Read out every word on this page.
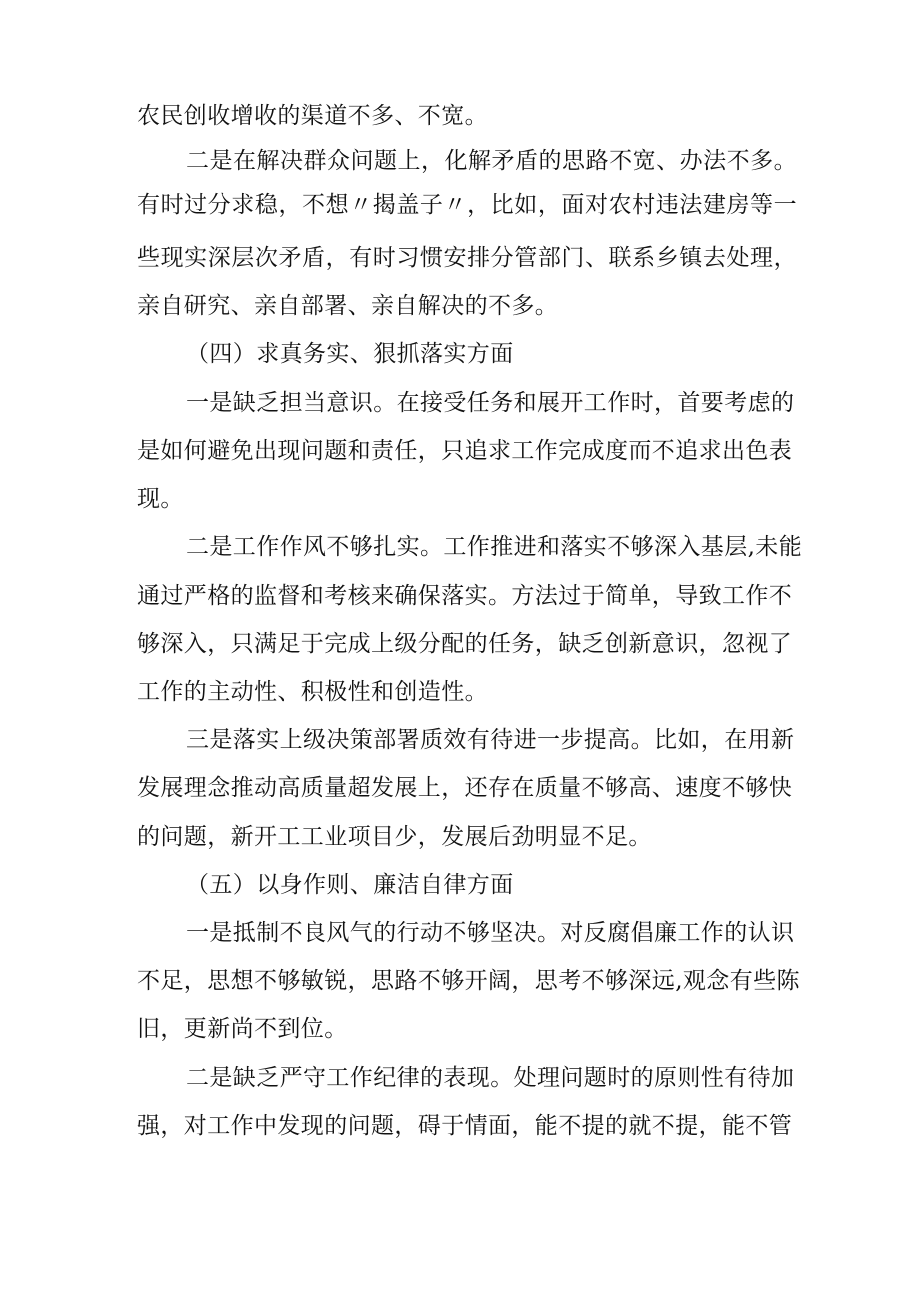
农民创收增收的渠道不多、不宽。
二是在解决群众问题上，化解矛盾的思路不宽、办法不多。
有时过分求稳，不想〃揭盖子〃，比如，面对农村违法建房等一
些现实深层次矛盾，有时习惯安排分管部门、联系乡镇去处理，
亲自研究、亲自部署、亲自解决的不多。
（四）求真务实、狠抓落实方面
一是缺乏担当意识。在接受任务和展开工作时，首要考虑的
是如何避免出现问题和责任，只追求工作完成度而不追求出色表
现。
二是工作作风不够扎实。工作推进和落实不够深入基层,未能
通过严格的监督和考核来确保落实。方法过于简单，导致工作不
够深入，只满足于完成上级分配的任务，缺乏创新意识，忽视了
工作的主动性、积极性和创造性。
三是落实上级决策部署质效有待进一步提高。比如，在用新
发展理念推动高质量超发展上，还存在质量不够高、速度不够快
的问题，新开工工业项目少，发展后劲明显不足。
（五）以身作则、廉洁自律方面
一是抵制不良风气的行动不够坚决。对反腐倡廉工作的认识
不足，思想不够敏锐，思路不够开阔，思考不够深远,观念有些陈
旧，更新尚不到位。
二是缺乏严守工作纪律的表现。处理问题时的原则性有待加
强，对工作中发现的问题，碍于情面，能不提的就不提，能不管
